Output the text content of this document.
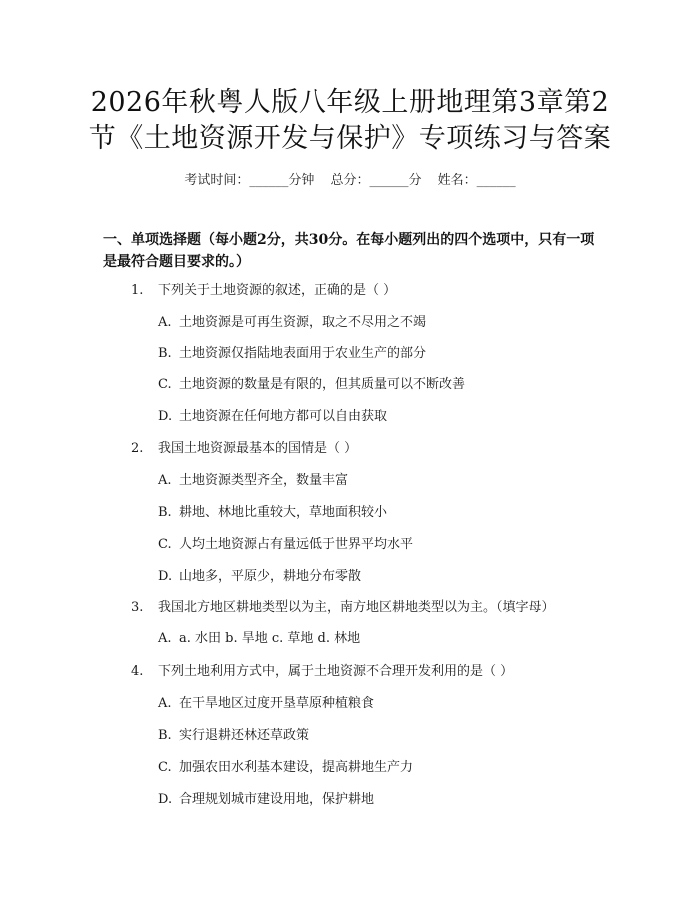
2026年秋粤人版八年级上册地理第3章第2
节《土地资源开发与保护》专项练习与答案
考试时间：______分钟 总分：______分 姓名：______
一、单项选择题（每小题2分，共30分。在每小题列出的四个选项中，只有一项
是最符合题目要求的。）
1. 下列关于土地资源的叙述，正确的是（ ）
A. 土地资源是可再生资源，取之不尽用之不竭
B. 土地资源仅指陆地表面用于农业生产的部分
C. 土地资源的数量是有限的，但其质量可以不断改善
D. 土地资源在任何地方都可以自由获取
2. 我国土地资源最基本的国情是（ ）
A. 土地资源类型齐全，数量丰富
B. 耕地、林地比重较大，草地面积较小
C. 人均土地资源占有量远低于世界平均水平
D. 山地多，平原少，耕地分布零散
3. 我国北方地区耕地类型以为主，南方地区耕地类型以为主。（填字母）
A. a. 水田 b. 旱地 c. 草地 d. 林地
4. 下列土地利用方式中，属于土地资源不合理开发利用的是（ ）
A. 在干旱地区过度开垦草原种植粮食
B. 实行退耕还林还草政策
C. 加强农田水利基本建设，提高耕地生产力
D. 合理规划城市建设用地，保护耕地
